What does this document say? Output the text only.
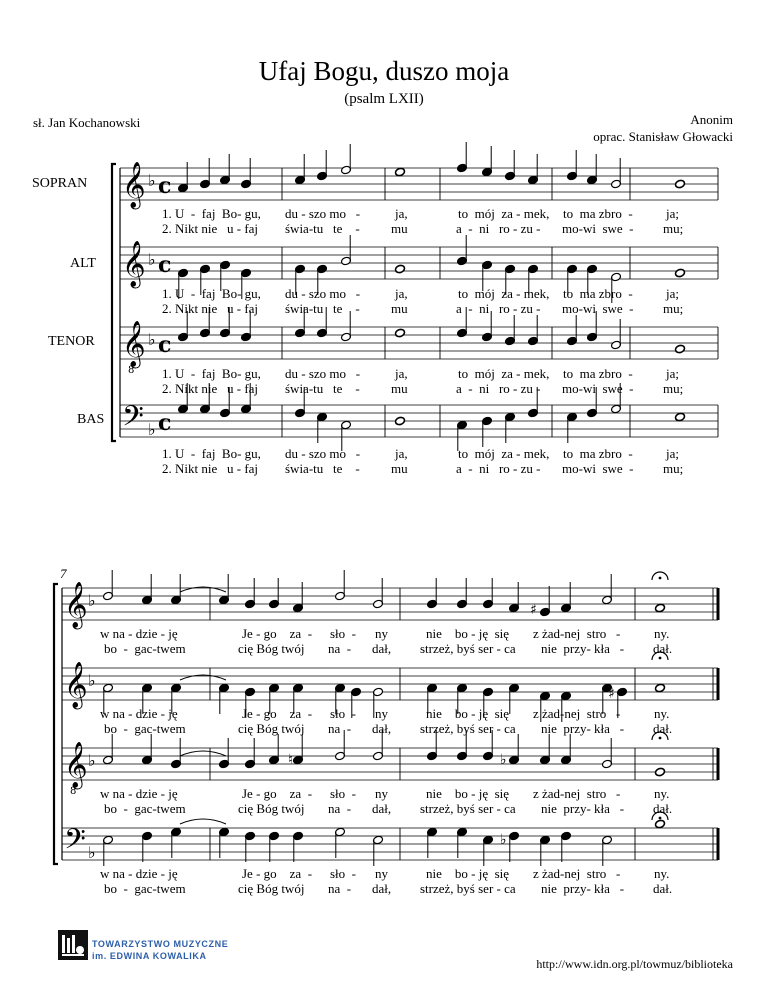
Ufaj Bogu, duszo moja
(psalm LXII)
sł. Jan Kochanowski	Anonim
oprac. Stanisław Głowacki
SOPRAN
ALT
TENOR
BAS
7
𝄞 ♭ c
𝄞 ♭ c
𝄞 ♭ c
8
𝄢 ♭ c
𝄞 ♭
𝄞 ♭
𝄞 ♭
8
𝄢 ♭
♯
♯
♮	♭
♭
1. U  -  faj  Bo- gu, du - szo mo   -	ja,	to  mój  za - mek, to  ma zbro  -	ja;
2. Nikt nie   u - faj świa-tu   te    - mu	a  -  ni   ro - zu - mo-wi  swe  - mu;
1. U  -  faj  Bo- gu, du - szo mo   -	ja,	to  mój  za - mek, to  ma zbro  -	ja;
2. Nikt nie   u - faj świa-tu   te    - mu	a  -  ni   ro - zu - mo-wi  swe  - mu;
1. U  -  faj  Bo- gu, du - szo mo   -	ja,	to  mój  za - mek, to  ma zbro  -	ja;
2. Nikt nie   u - faj świa-tu   te    - mu	a  -  ni   ro - zu - mo-wi  swe  - mu;
1. U  -  faj  Bo- gu, du - szo mo   -	ja,	to  mój  za - mek, to  ma zbro  -	ja;
2. Nikt nie   u - faj świa-tu   te    - mu	a  -  ni   ro - zu - mo-wi  swe  - mu;
w na - dzie - ję	Je - go    za  - sło  - ny	nie    bo - ję  się z żad-nej  stro   -	ny.
bo  -  gac-twem	cię Bóg twój na  - dał, strzeż, byś ser - ca nie  przy- kła   - dał.
w na - dzie - ję	Je - go    za  - sło  - ny	nie    bo - ję  się z żad-nej  stro   -	ny.
bo  -  gac-twem	cię Bóg twój na  - dał, strzeż, byś ser - ca nie  przy- kła   - dał.
w na - dzie - ję	Je - go    za  - sło  - ny	nie    bo - ję  się z żad-nej  stro   -	ny.
bo  -  gac-twem	cię Bóg twój na  - dał, strzeż, byś ser - ca nie  przy- kła   - dał.
w na - dzie - ję	Je - go    za  - sło  - ny	nie    bo - ję  się z żad-nej  stro   -	ny.
bo  -  gac-twem	cię Bóg twój na  - dał, strzeż, byś ser - ca nie  przy- kła   - dał.
TOWARZYSTWO MUZYCZNE
im. EDWINA KOWALIKA
http://www.idn.org.pl/towmuz/biblioteka
